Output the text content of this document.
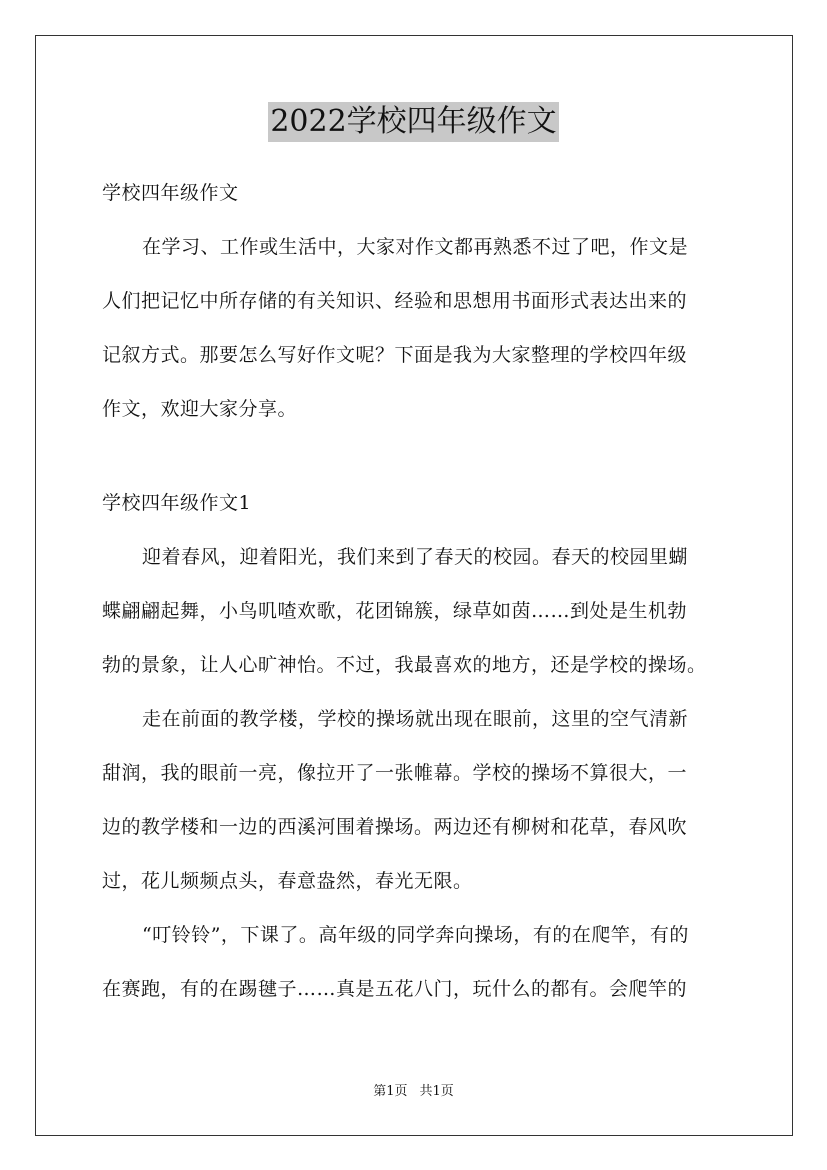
2022学校四年级作文
学校四年级作文
在学习、工作或生活中，大家对作文都再熟悉不过了吧，作文是
人们把记忆中所存储的有关知识、经验和思想用书面形式表达出来的
记叙方式。那要怎么写好作文呢？下面是我为大家整理的学校四年级
作文，欢迎大家分享。
学校四年级作文1
迎着春风，迎着阳光，我们来到了春天的校园。春天的校园里蝴
蝶翩翩起舞，小鸟叽喳欢歌，花团锦簇，绿草如茵……到处是生机勃
勃的景象，让人心旷神怡。不过，我最喜欢的地方，还是学校的操场。
走在前面的教学楼，学校的操场就出现在眼前，这里的空气清新
甜润，我的眼前一亮，像拉开了一张帷幕。学校的操场不算很大，一
边的教学楼和一边的西溪河围着操场。两边还有柳树和花草，春风吹
过，花儿频频点头，春意盎然，春光无限。
“叮铃铃”，下课了。高年级的同学奔向操场，有的在爬竿，有的
在赛跑，有的在踢毽子……真是五花八门，玩什么的都有。会爬竿的
第1页 共1页
